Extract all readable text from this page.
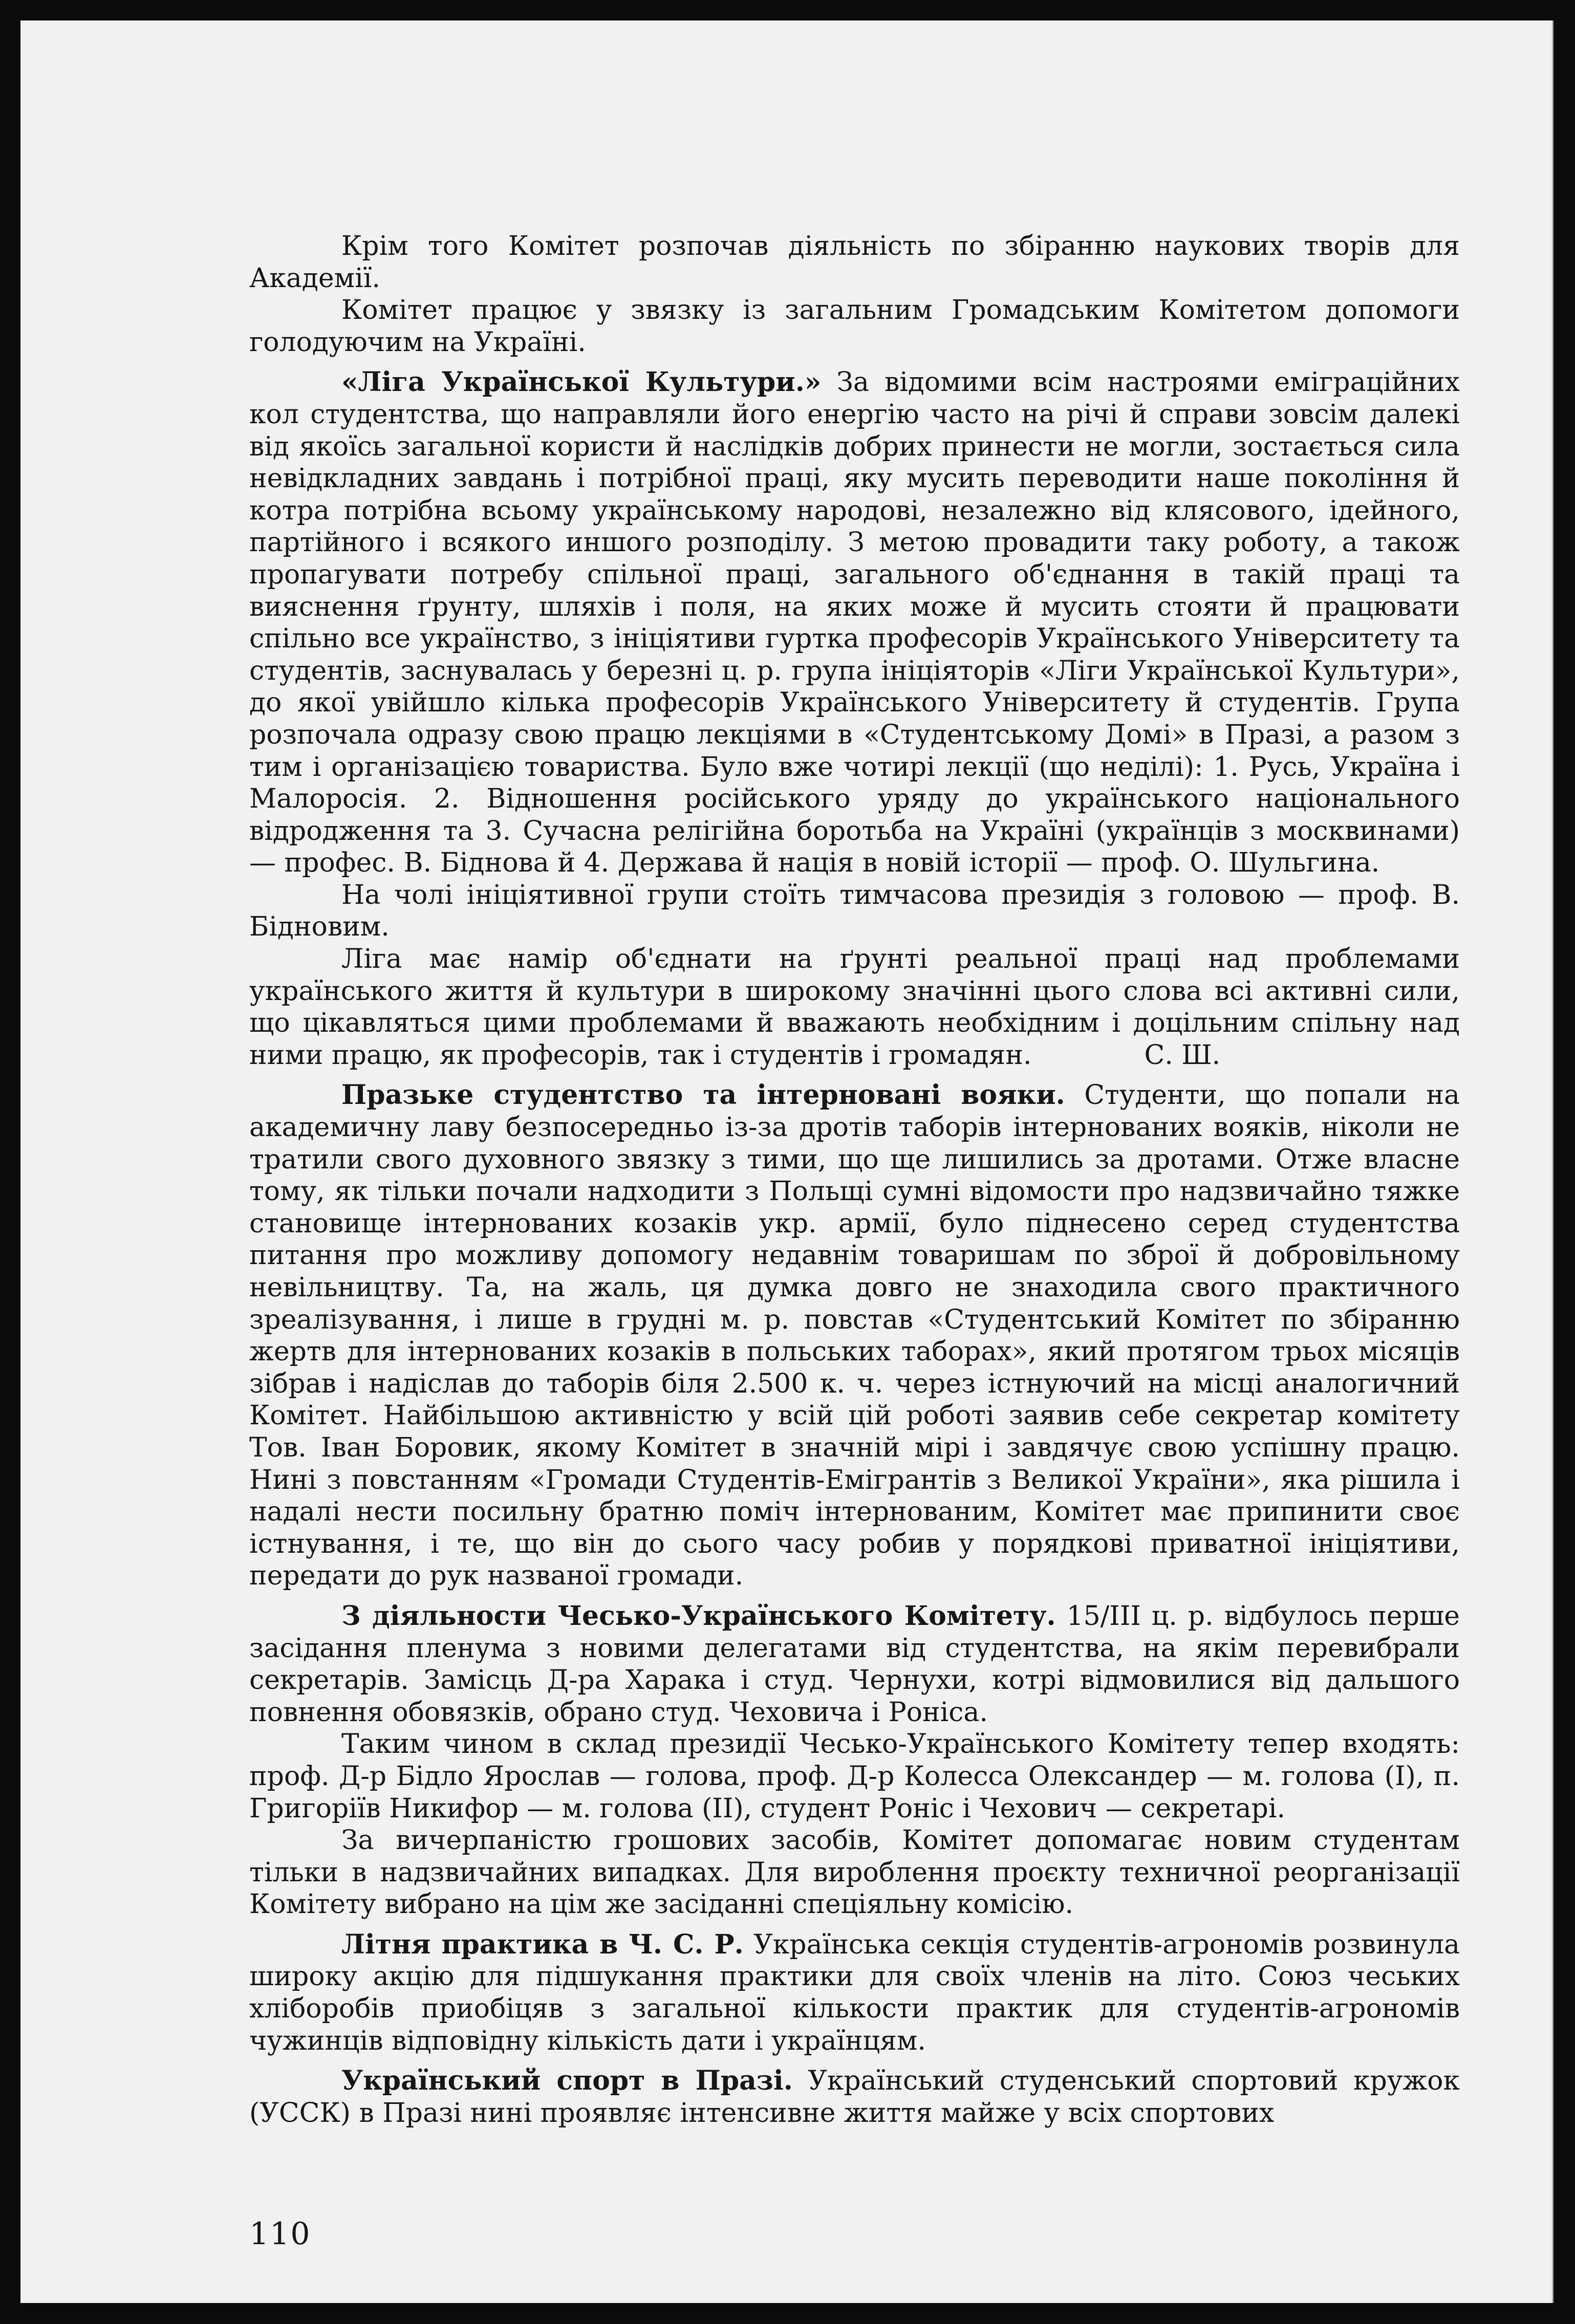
Крім того Комітет розпочав діяльність по збіранню наукових творів для Академії.

Комітет працює у звязку із загальним Громадським Комітетом допомоги голодуючим на Україні.

«Ліга Української Культури.» За відомими всім настроями еміграційних кол студентства, що направляли його енергію часто на річі й справи зовсім далекі від якоїсь загальної користи й наслідків добрих принести не могли, зостається сила невідкладних завдань і потрібної праці, яку мусить переводити наше покоління й котра потрібна всьому українському народові, незалежно від клясового, ідейного, партійного і всякого иншого розподілу. З метою провадити таку роботу, а також пропагувати потребу спільної праці, загального об'єднання в такій праці та вияснення ґрунту, шляхів і поля, на яких може й мусить стояти й працювати спільно все українство, з ініціятиви гуртка професорів Українського Університету та студентів, заснувалась у березні ц. р. група ініціяторів «Ліги Української Культури», до якої увійшло кілька професорів Українського Університету й студентів. Група розпочала одразу свою працю лекціями в «Студентському Домі» в Празі, а разом з тим і організацією товариства. Було вже чотирі лекції (що неділі): 1. Русь, Україна і Малоросія. 2. Відношення російського уряду до українського національного відродження та 3. Сучасна релігійна боротьба на Україні (українців з москвинами) — профес. В. Біднова й 4. Держава й нація в новій історії — проф. О. Шульгина.

На чолі ініціятивної групи стоїть тимчасова президія з головою — проф. В. Бідновим.

Ліга має намір об'єднати на ґрунті реальної праці над проблемами українського життя й культури в широкому значінні цього слова всі активні сили, що цікавляться цими проблемами й вважають необхідним і доцільним спільну над ними працю, як професорів, так і студентів і громадян.	С. Ш.

Празьке студентство та інтерновані вояки. Студенти, що попали на академичну лаву безпосередньо із-за дротів таборів інтернованих вояків, ніколи не тратили свого духовного звязку з тими, що ще лишились за дротами. Отже власне тому, як тільки почали надходити з Польщі сумні відомости про надзвичайно тяжке становище інтернованих козаків укр. армії, було піднесено серед студентства питання про можливу допомогу недавнім товаришам по зброї й добровільному невільництву. Та, на жаль, ця думка довго не знаходила свого практичного зреалізування, і лише в грудні м. р. повстав «Студентський Комітет по збіранню жертв для інтернованих козаків в польських таборах», який протягом трьох місяців зібрав і надіслав до таборів біля 2.500 к. ч. через істнуючий на місці аналогичний Комітет. Найбільшою активністю у всій цій роботі заявив себе секретар комітету Тов. Іван Боровик, якому Комітет в значній мірі і завдячує свою успішну працю. Нині з повстанням «Громади Студентів-Емігрантів з Великої України», яка рішила і надалі нести посильну братню поміч інтернованим, Комітет має припинити своє істнування, і те, що він до сього часу робив у порядкові приватної ініціятиви, передати до рук названої громади.

З діяльности Чесько-Українського Комітету. 15/III ц. р. відбулось перше засідання пленума з новими делегатами від студентства, на якім перевибрали секретарів. Замісць Д-ра Харака і студ. Чернухи, котрі відмовилися від дальшого повнення обовязків, обрано студ. Чеховича і Роніса.

Таким чином в склад президії Чесько-Українського Комітету тепер входять: проф. Д-р Бідло Ярослав — голова, проф. Д-р Колесса Олександер — м. голова (I), п. Григоріїв Никифор — м. голова (II), студент Роніс і Чехович — секретарі.

За вичерпаністю грошових засобів, Комітет допомагає новим студентам тільки в надзвичайних випадках. Для вироблення проєкту техничної реорганізації Комітету вибрано на цім же засіданні спеціяльну комісію.

Літня практика в Ч. С. Р. Українська секція студентів-агрономів розвинула широку акцію для підшукання практики для своїх членів на літо. Союз чеських хліборобів приобіцяв з загальної кількости практик для студентів-агрономів чужинців відповідну кількість дати і українцям.

Український спорт в Празі. Український студенський спортовий кружок (УССК) в Празі нині проявляє інтенсивне життя майже у всіх спортових

110
